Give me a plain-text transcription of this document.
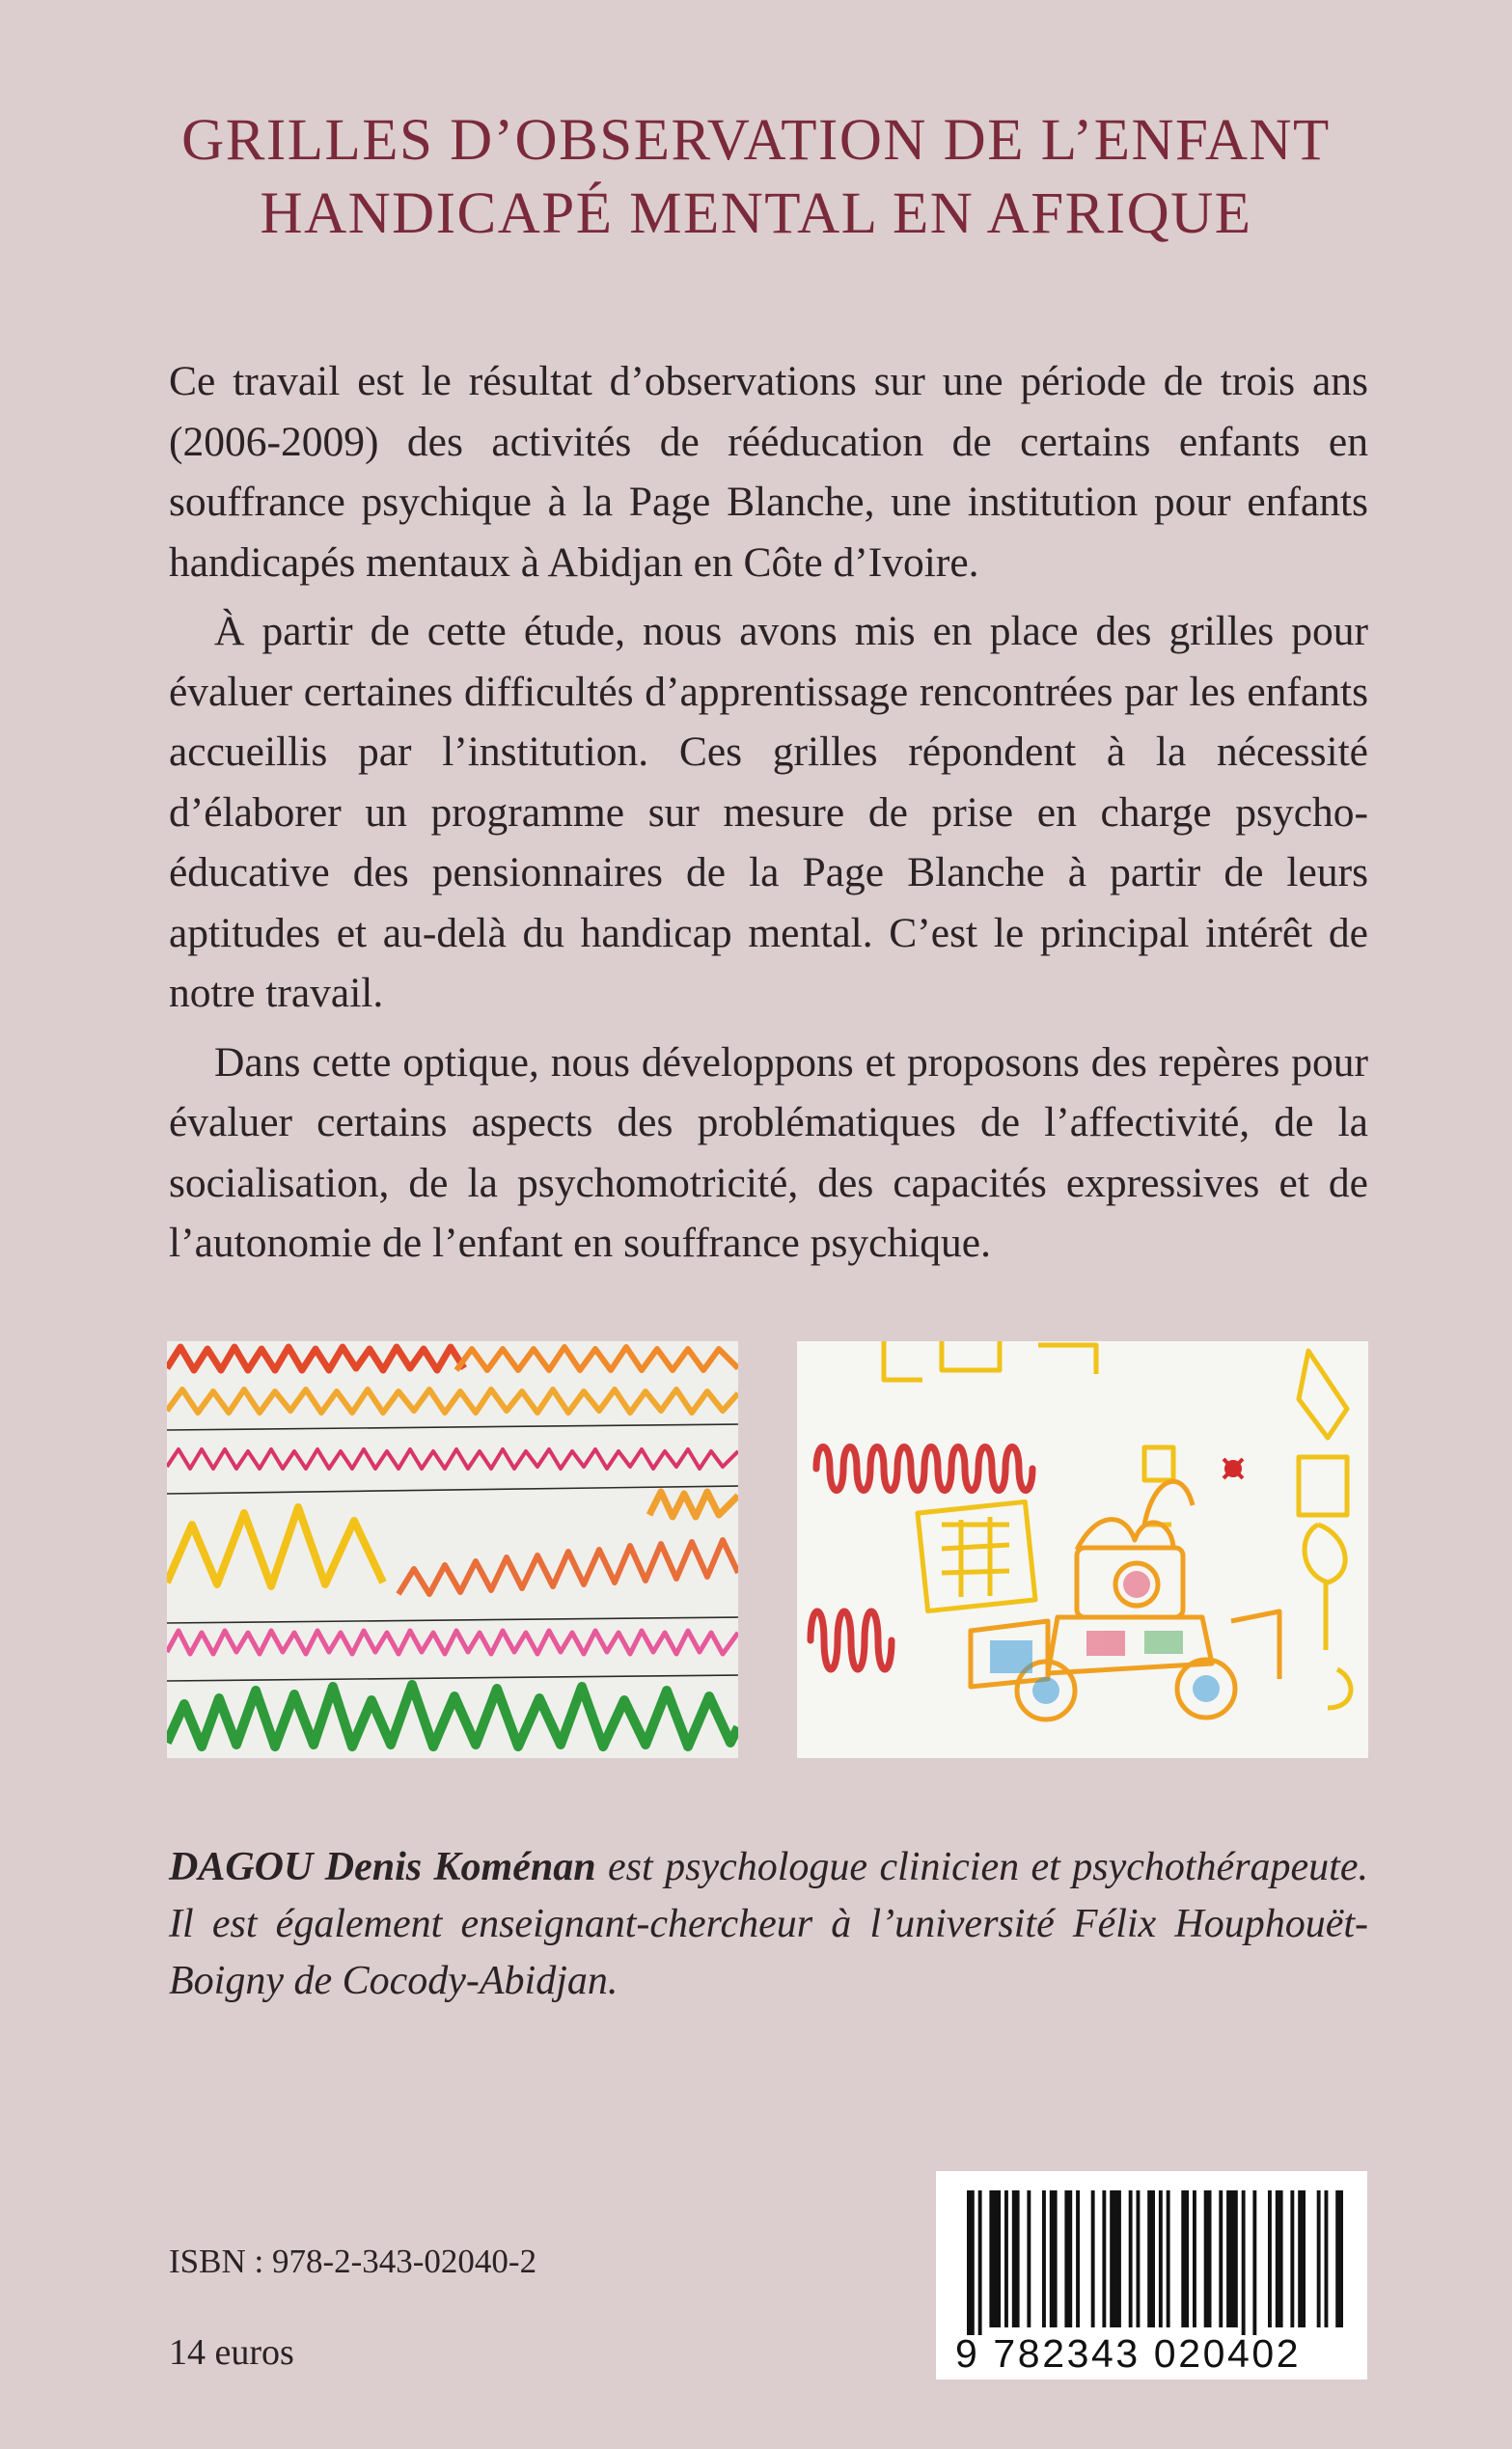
GRILLES D’OBSERVATION DE L’ENFANT
HANDICAPÉ MENTAL EN AFRIQUE

Ce travail est le résultat d’observations sur une période de trois ans (2006-2009) des activités de rééducation de certains enfants en souffrance psychique à la Page Blanche, une institution pour enfants handicapés mentaux à Abidjan en Côte d’Ivoire.

À partir de cette étude, nous avons mis en place des grilles pour évaluer certaines difficultés d’apprentissage rencontrées par les enfants accueillis par l’institution. Ces grilles répondent à la nécessité d’élaborer un programme sur mesure de prise en charge psycho-éducative des pensionnaires de la Page Blanche à partir de leurs aptitudes et au-delà du handicap mental. C’est le principal intérêt de notre travail.

Dans cette optique, nous développons et proposons des repères pour évaluer certains aspects des problématiques de l’affectivité, de la socialisation, de la psychomotricité, des capacités expressives et de l’autonomie de l’enfant en souffrance psychique.

DAGOU Denis Koménan est psychologue clinicien et psychothérapeute. Il est également enseignant-chercheur à l’université Félix Houphouët-Boigny de Cocody-Abidjan.
ISBN : 978-2-343-02040-2
14 euros	9 782343 020402
